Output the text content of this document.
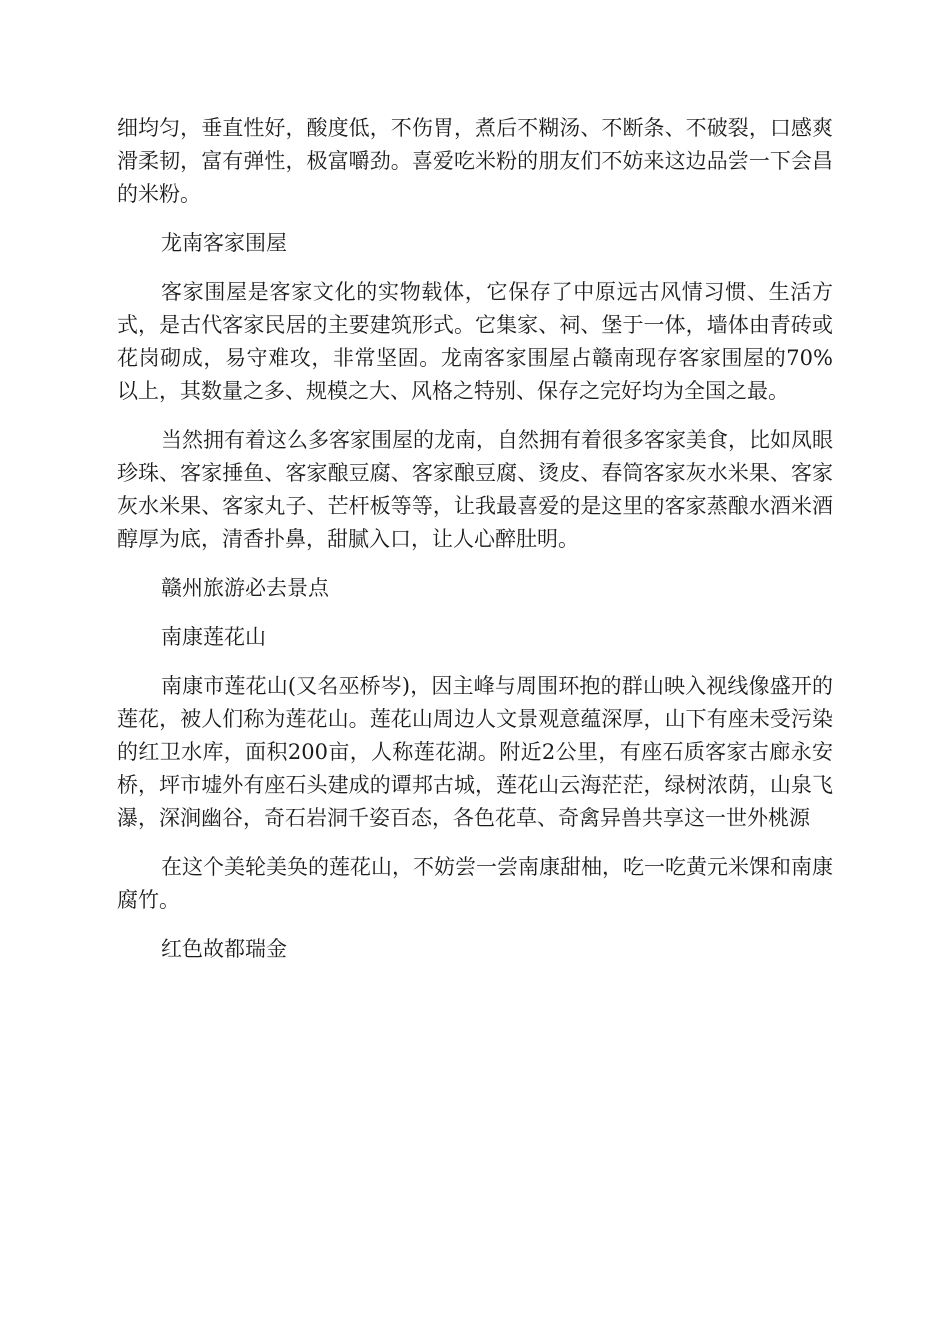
细均匀，垂直性好，酸度低，不伤胃，煮后不糊汤、不断条、不破裂，口感爽滑柔韧，富有弹性，极富嚼劲。喜爱吃米粉的朋友们不妨来这边品尝一下会昌的米粉。

龙南客家围屋

客家围屋是客家文化的实物载体，它保存了中原远古风情习惯、生活方式，是古代客家民居的主要建筑形式。它集家、祠、堡于一体，墙体由青砖或花岗砌成，易守难攻，非常坚固。龙南客家围屋占赣南现存客家围屋的70%以上，其数量之多、规模之大、风格之特别、保存之完好均为全国之最。

当然拥有着这么多客家围屋的龙南，自然拥有着很多客家美食，比如凤眼珍珠、客家捶鱼、客家酿豆腐、客家酿豆腐、烫皮、春筒客家灰水米果、客家灰水米果、客家丸子、芒杆板等等，让我最喜爱的是这里的客家蒸酿水酒米酒醇厚为底，清香扑鼻，甜腻入口，让人心醉肚明。

赣州旅游必去景点

南康莲花山

南康市莲花山(又名巫桥岑)，因主峰与周围环抱的群山映入视线像盛开的莲花，被人们称为莲花山。莲花山周边人文景观意蕴深厚，山下有座未受污染的红卫水库，面积200亩，人称莲花湖。附近2公里，有座石质客家古廊永安桥，坪市墟外有座石头建成的谭邦古城，莲花山云海茫茫，绿树浓荫，山泉飞瀑，深涧幽谷，奇石岩洞千姿百态，各色花草、奇禽异兽共享这一世外桃源

在这个美轮美奂的莲花山，不妨尝一尝南康甜柚，吃一吃黄元米馃和南康腐竹。

红色故都瑞金
